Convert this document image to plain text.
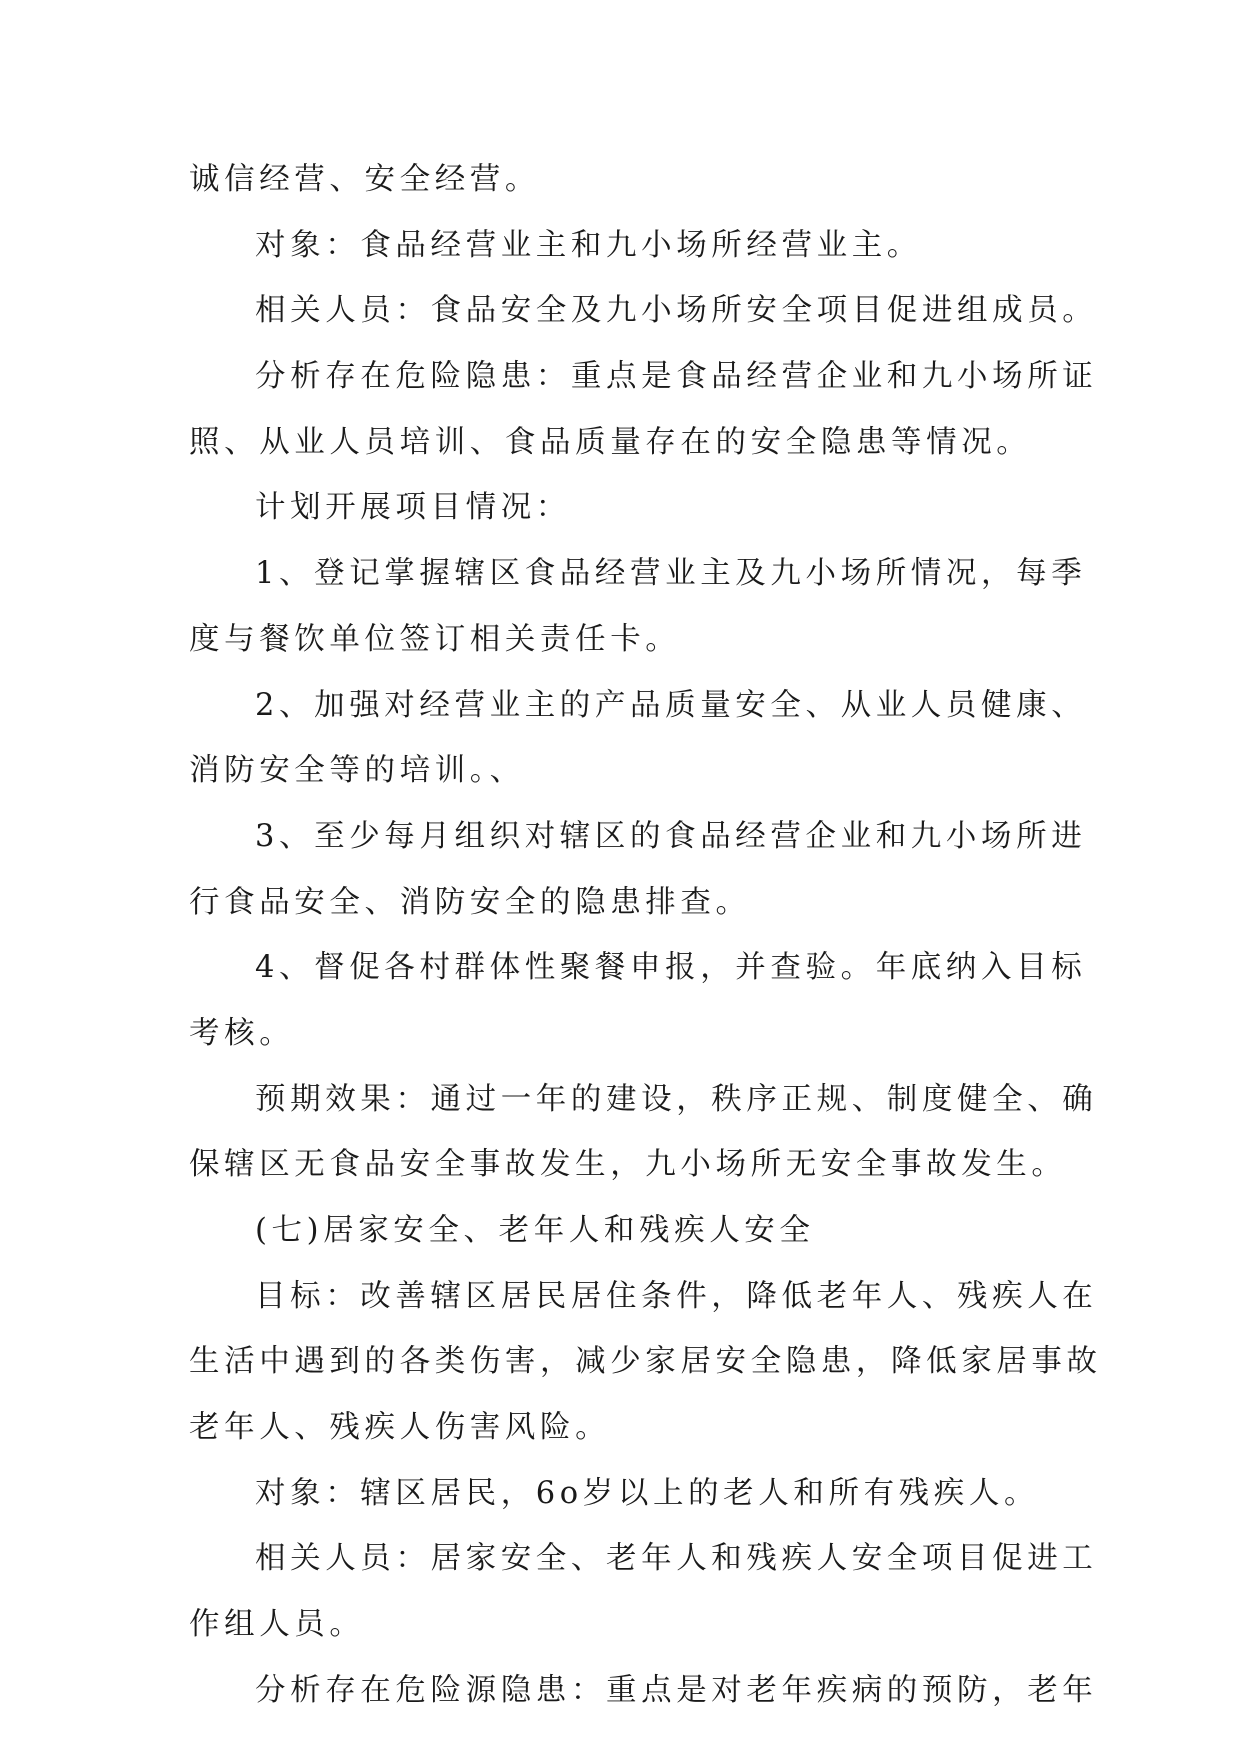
诚信经营、安全经营。
对象：食品经营业主和九小场所经营业主。
相关人员：食品安全及九小场所安全项目促进组成员。
分析存在危险隐患：重点是食品经营企业和九小场所证
照、从业人员培训、食品质量存在的安全隐患等情况。
计划开展项目情况：
1、登记掌握辖区食品经营业主及九小场所情况，每季
度与餐饮单位签订相关责任卡。
2、加强对经营业主的产品质量安全、从业人员健康、
消防安全等的培训。、
3、至少每月组织对辖区的食品经营企业和九小场所进
行食品安全、消防安全的隐患排查。
4、督促各村群体性聚餐申报，并查验。年底纳入目标
考核。
预期效果：通过一年的建设，秩序正规、制度健全、确
保辖区无食品安全事故发生，九小场所无安全事故发生。
(七)居家安全、老年人和残疾人安全
目标：改善辖区居民居住条件，降低老年人、残疾人在
生活中遇到的各类伤害，减少家居安全隐患，降低家居事故
老年人、残疾人伤害风险。
对象：辖区居民，6o岁以上的老人和所有残疾人。
相关人员：居家安全、老年人和残疾人安全项目促进工
作组人员。
分析存在危险源隐患：重点是对老年疾病的预防，老年
